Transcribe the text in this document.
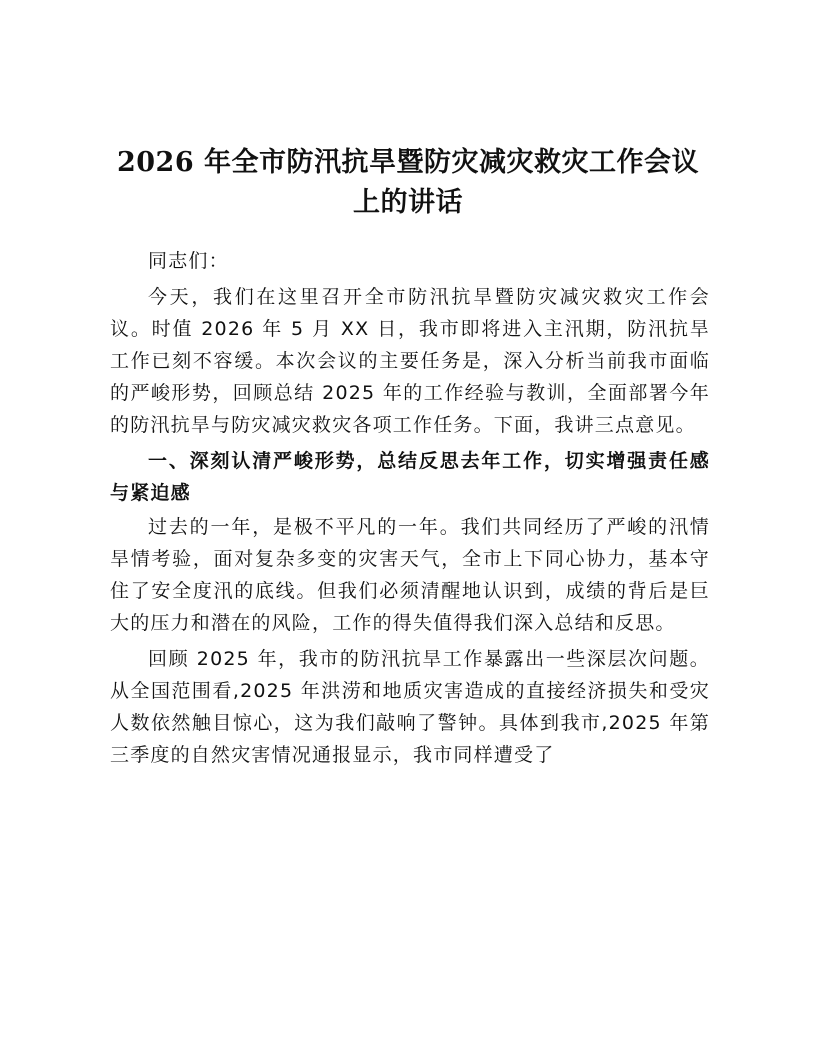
2026 年全市防汛抗旱暨防灾减灾救灾工作会议
上的讲话

同志们：

今天，我们在这里召开全市防汛抗旱暨防灾减灾救灾工作会议。时值 2026 年 5 月 XX 日，我市即将进入主汛期，防汛抗旱工作已刻不容缓。本次会议的主要任务是，深入分析当前我市面临的严峻形势，回顾总结 2025 年的工作经验与教训，全面部署今年的防汛抗旱与防灾减灾救灾各项工作任务。下面，我讲三点意见。

一、深刻认清严峻形势，总结反思去年工作，切实增强责任感与紧迫感

过去的一年，是极不平凡的一年。我们共同经历了严峻的汛情旱情考验，面对复杂多变的灾害天气，全市上下同心协力，基本守住了安全度汛的底线。但我们必须清醒地认识到，成绩的背后是巨大的压力和潜在的风险，工作的得失值得我们深入总结和反思。

回顾 2025 年，我市的防汛抗旱工作暴露出一些深层次问题。从全国范围看,2025 年洪涝和地质灾害造成的直接经济损失和受灾人数依然触目惊心，这为我们敲响了警钟。具体到我市,2025 年第三季度的自然灾害情况通报显示，我市同样遭受了
